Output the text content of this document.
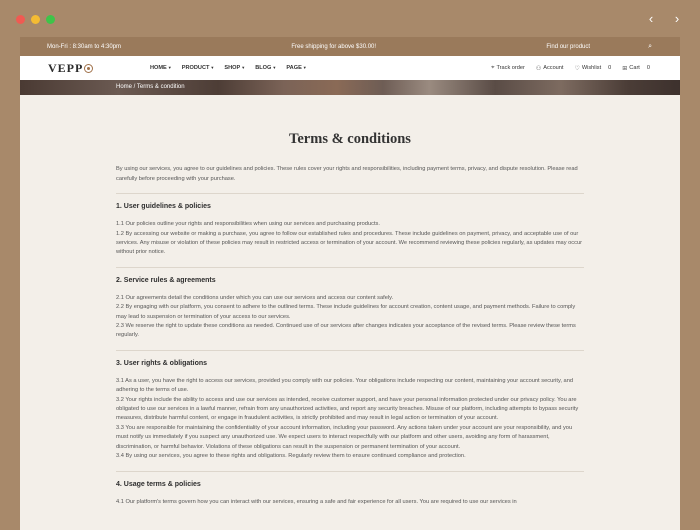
‹ ›
Mon-Fri : 8:30am to 4:30pm	Free shipping for above $30.00!	Find our product	⌕
VEPP	HOME▼ PRODUCT▼ SHOP▼ BLOG▼ PAGE▼	⌖ Track order ⚇ Account ♡ Wishlist 0 ⊞ Cart 0
Home / Terms & condition
Terms & conditions

By using our services, you agree to our guidelines and policies. These rules cover your rights and responsibilities, including payment terms, privacy, and dispute resolution. Please read carefully before proceeding with your purchase.

1. User guidelines & policies

1.1 Our policies outline your rights and responsibilities when using our services and purchasing products.

1.2 By accessing our website or making a purchase, you agree to follow our established rules and procedures. These include guidelines on payment, privacy, and acceptable use of our services. Any misuse or violation of these policies may result in restricted access or termination of your account. We recommend reviewing these policies regularly, as updates may occur without prior notice.

2. Service rules & agreements

2.1 Our agreements detail the conditions under which you can use our services and access our content safely.

2.2 By engaging with our platform, you consent to adhere to the outlined terms. These include guidelines for account creation, content usage, and payment methods. Failure to comply may lead to suspension or termination of your access to our services.

2.3 We reserve the right to update these conditions as needed. Continued use of our services after changes indicates your acceptance of the revised terms. Please review these terms regularly.

3. User rights & obligations

3.1 As a user, you have the right to access our services, provided you comply with our policies. Your obligations include respecting our content, maintaining your account security, and adhering to the terms of use.

3.2 Your rights include the ability to access and use our services as intended, receive customer support, and have your personal information protected under our privacy policy. You are obligated to use our services in a lawful manner, refrain from any unauthorized activities, and report any security breaches. Misuse of our platform, including attempts to bypass security measures, distribute harmful content, or engage in fraudulent activities, is strictly prohibited and may result in legal action or termination of your account.

3.3 You are responsible for maintaining the confidentiality of your account information, including your password. Any actions taken under your account are your responsibility, and you must notify us immediately if you suspect any unauthorized use. We expect users to interact respectfully with our platform and other users, avoiding any form of harassment, discrimination, or harmful behavior. Violations of these obligations can result in the suspension or permanent termination of your account.

3.4 By using our services, you agree to these rights and obligations. Regularly review them to ensure continued compliance and protection.

4. Usage terms & policies

4.1 Our platform's terms govern how you can interact with our services, ensuring a safe and fair experience for all users. You are required to use our services in
